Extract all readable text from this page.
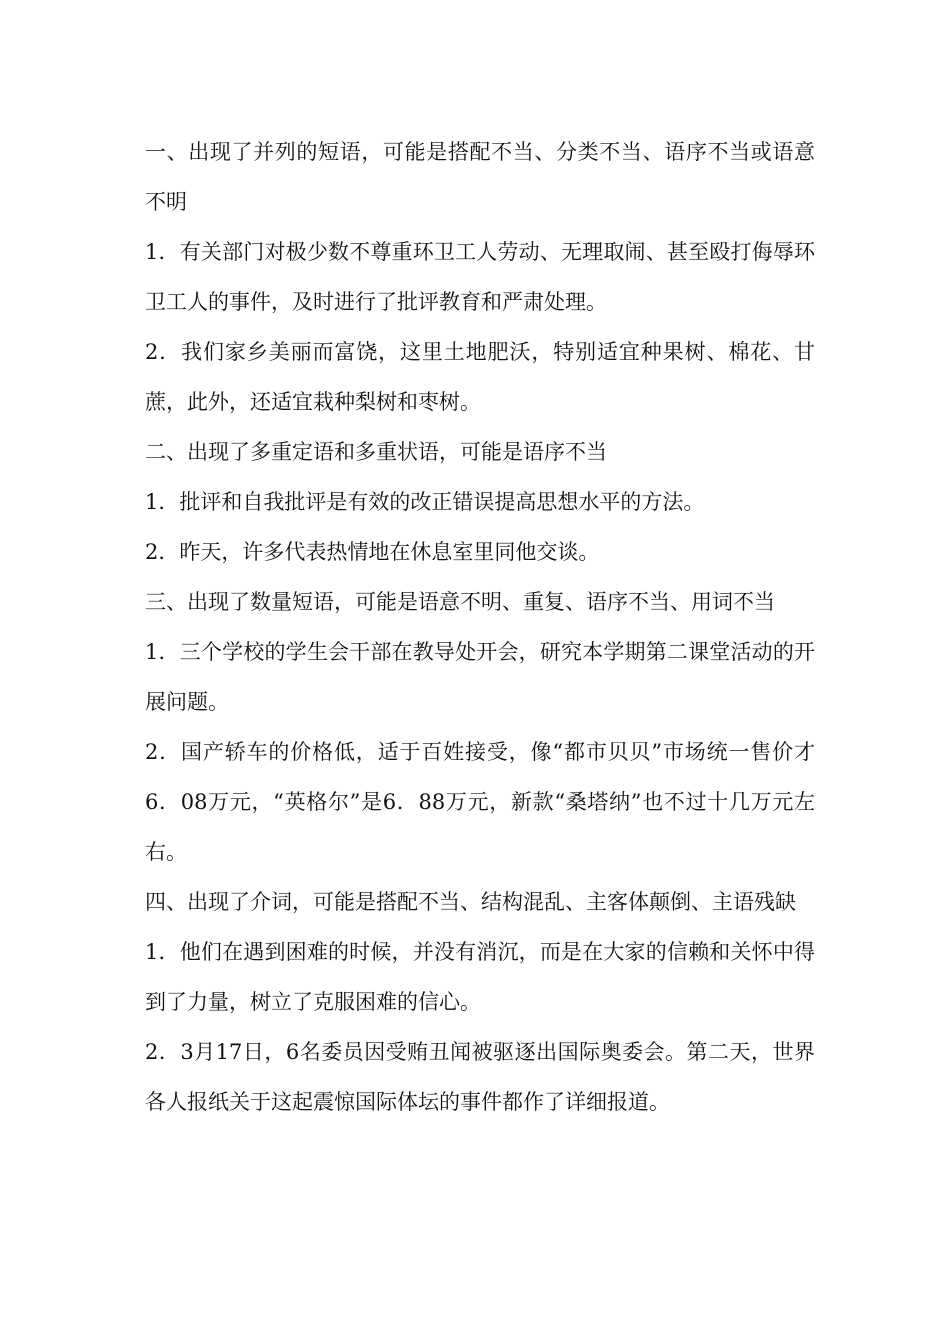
一、出现了并列的短语，可能是搭配不当、分类不当、语序不当或语意不明

1．有关部门对极少数不尊重环卫工人劳动、无理取闹、甚至殴打侮辱环卫工人的事件，及时进行了批评教育和严肃处理。

2．我们家乡美丽而富饶，这里土地肥沃，特别适宜种果树、棉花、甘蔗，此外，还适宜栽种梨树和枣树。

二、出现了多重定语和多重状语，可能是语序不当

1．批评和自我批评是有效的改正错误提高思想水平的方法。

2．昨天，许多代表热情地在休息室里同他交谈。

三、出现了数量短语，可能是语意不明、重复、语序不当、用词不当

1．三个学校的学生会干部在教导处开会，研究本学期第二课堂活动的开展问题。

2．国产轿车的价格低，适于百姓接受，像“都市贝贝”市场统一售价才6．08万元，“英格尔”是6．88万元，新款“桑塔纳”也不过十几万元左右。

四、出现了介词，可能是搭配不当、结构混乱、主客体颠倒、主语残缺

1．他们在遇到困难的时候，并没有消沉，而是在大家的信赖和关怀中得到了力量，树立了克服困难的信心。

2．3月17日，6名委员因受贿丑闻被驱逐出国际奥委会。第二天，世界各人报纸关于这起震惊国际体坛的事件都作了详细报道。
